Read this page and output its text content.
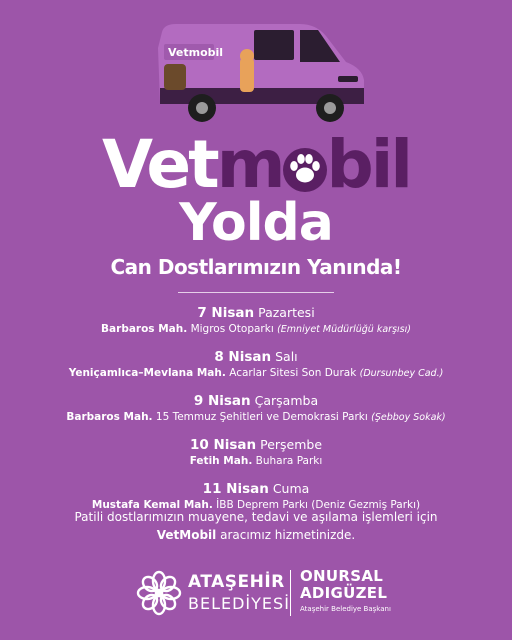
Vetmobil
Vetm bil
Yolda
Can Dostlarımızın Yanında!
7 Nisan Pazartesi
Barbaros Mah. Migros Otoparkı (Emniyet Müdürlüğü karşısı)
8 Nisan Salı
Yeniçamlıca–Mevlana Mah. Acarlar Sitesi Son Durak (Dursunbey Cad.)
9 Nisan Çarşamba
Barbaros Mah. 15 Temmuz Şehitleri ve Demokrasi Parkı (Şebboy Sokak)
10 Nisan Perşembe
Fetih Mah. Buhara Parkı
11 Nisan Cuma
Mustafa Kemal Mah. İBB Deprem Parkı (Deniz Gezmiş Parkı)
Patili dostlarımızın muayene, tedavi ve aşılama işlemleri için
VetMobil aracımız hizmetinizde.
ATAŞEHİR
BELEDİYESİ
ONURSAL
ADIGÜZEL
Ataşehir Belediye Başkanı
